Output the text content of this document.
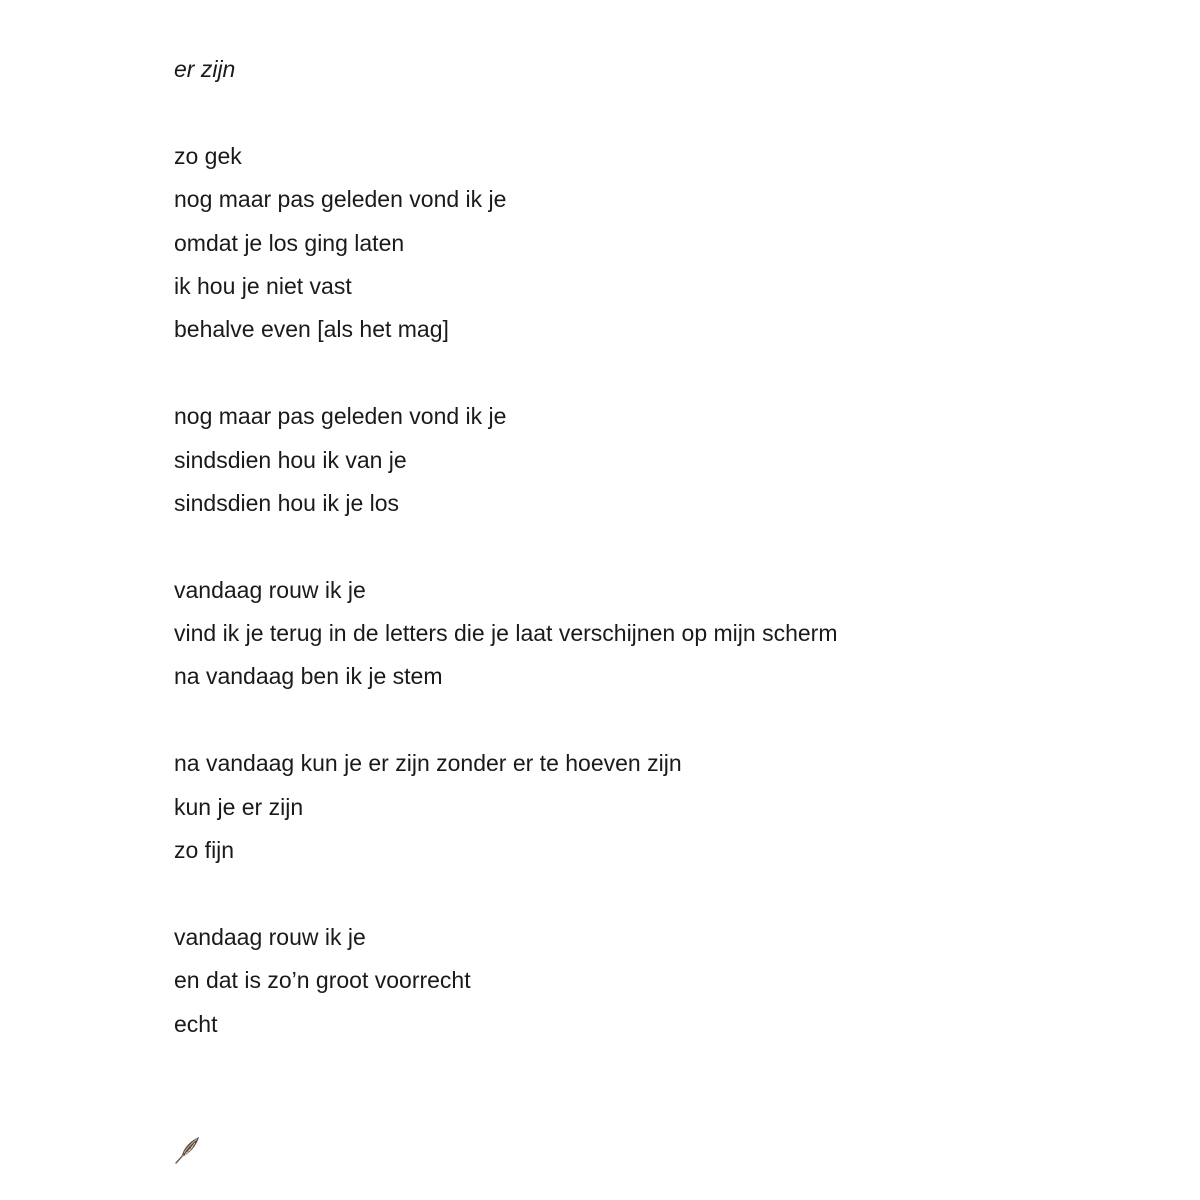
er zijn

zo gek

nog maar pas geleden vond ik je

omdat je los ging laten

ik hou je niet vast

behalve even [als het mag]

nog maar pas geleden vond ik je

sindsdien hou ik van je

sindsdien hou ik je los

vandaag rouw ik je

vind ik je terug in de letters die je laat verschijnen op mijn scherm

na vandaag ben ik je stem

na vandaag kun je er zijn zonder er te hoeven zijn

kun je er zijn

zo fijn

vandaag rouw ik je

en dat is zo’n groot voorrecht

echt
